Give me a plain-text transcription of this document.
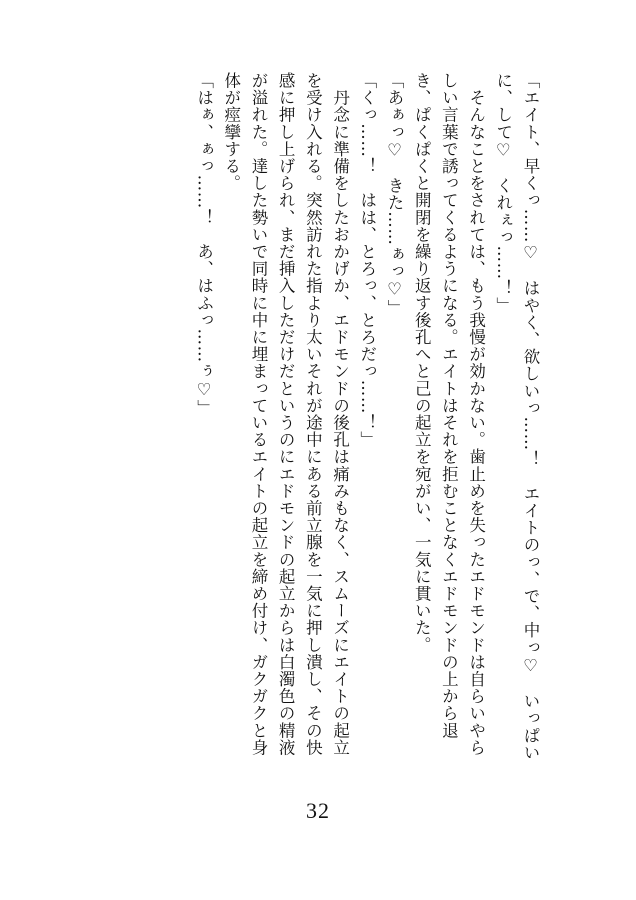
「エイト、早くっ……♡　はやく、欲しいっ……！　エイトのっ、で、中っ♡　いっぱいに、して♡　くれぇっ……！」

　そんなことをされては、もう我慢が効かない。歯止めを失ったエドモンドは自らいやらしい言葉で誘ってくるようになる。エイトはそれを拒むことなくエドモンドの上から退き、ぱくぱくと開閉を繰り返す後孔へと己の起立を宛がい、一気に貫いた。

「あぁっ♡　きた……ぁっ♡」

「くっ……！　はは、とろっ、とろだっ……！」

　丹念に準備をしたおかげか、エドモンドの後孔は痛みもなく、スムーズにエイトの起立を受け入れる。突然訪れた指より太いそれが途中にある前立腺を一気に押し潰し、その快感に押し上げられ、まだ挿入しただけだというのにエドモンドの起立からは白濁色の精液が溢れた。達した勢いで同時に中に埋まっているエイトの起立を締め付け、ガクガクと身体が痙攣する。

「はぁ、ぁっ……！　あ、はふっ……ぅ♡」

32
